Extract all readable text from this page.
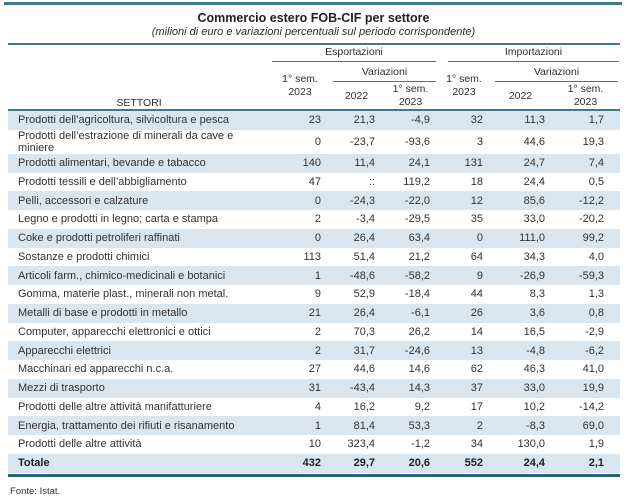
Commercio estero FOB-CIF per settore
(milioni di euro e variazioni percentuali sul periodo corrispondente)
SETTORI	Esportazioni			Importazioni		

	1° sem.
2023	Variazioni		1° sem.
2023	Variazioni	

		2022	1° sem.
2023		2022	1° sem.
2023
Prodotti dell’agricoltura, silvicoltura e pesca	23	21,3	-4,9	32	11,3	1,7
Prodotti dell’estrazione di minerali da cave e miniere	0	-23,7	-93,6	3	44,6	19,3
Prodotti alimentari, bevande e tabacco	140	11,4	24,1	131	24,7	7,4
Prodotti tessili e dell’abbigliamento	47	::	119,2	18	24,4	0,5
Pelli, accessori e calzature	0	-24,3	-22,0	12	85,6	-12,2
Legno e prodotti in legno; carta e stampa	2	-3,4	-29,5	35	33,0	-20,2
Coke e prodotti petroliferi raffinati	0	26,4	63,4	0	111,0	99,2
Sostanze e prodotti chimici	113	51,4	21,2	64	34,3	4,0
Articoli farm., chimico-medicinali e botanici	1	-48,6	-58,2	9	-26,9	-59,3
Gomma, materie plast., minerali non metal.	9	52,9	-18,4	44	8,3	1,3
Metalli di base e prodotti in metallo	21	26,4	-6,1	26	3,6	0,8
Computer, apparecchi elettronici e ottici	2	70,3	26,2	14	16,5	-2,9
Apparecchi elettrici	2	31,7	-24,6	13	-4,8	-6,2
Macchinari ed apparecchi n.c.a.	27	44,6	14,6	62	46,3	41,0
Mezzi di trasporto	31	-43,4	14,3	37	33,0	19,9
Prodotti delle altre attività manifatturiere	4	16,2	9,2	17	10,2	-14,2
Energia, trattamento dei rifiuti e risanamento	1	81,4	53,3	2	-8,3	69,0
Prodotti delle altre attività	10	323,4	-1,2	34	130,0	1,9
Totale	432	29,7	20,6	552	24,4	2,1
Fonte: Istat.
